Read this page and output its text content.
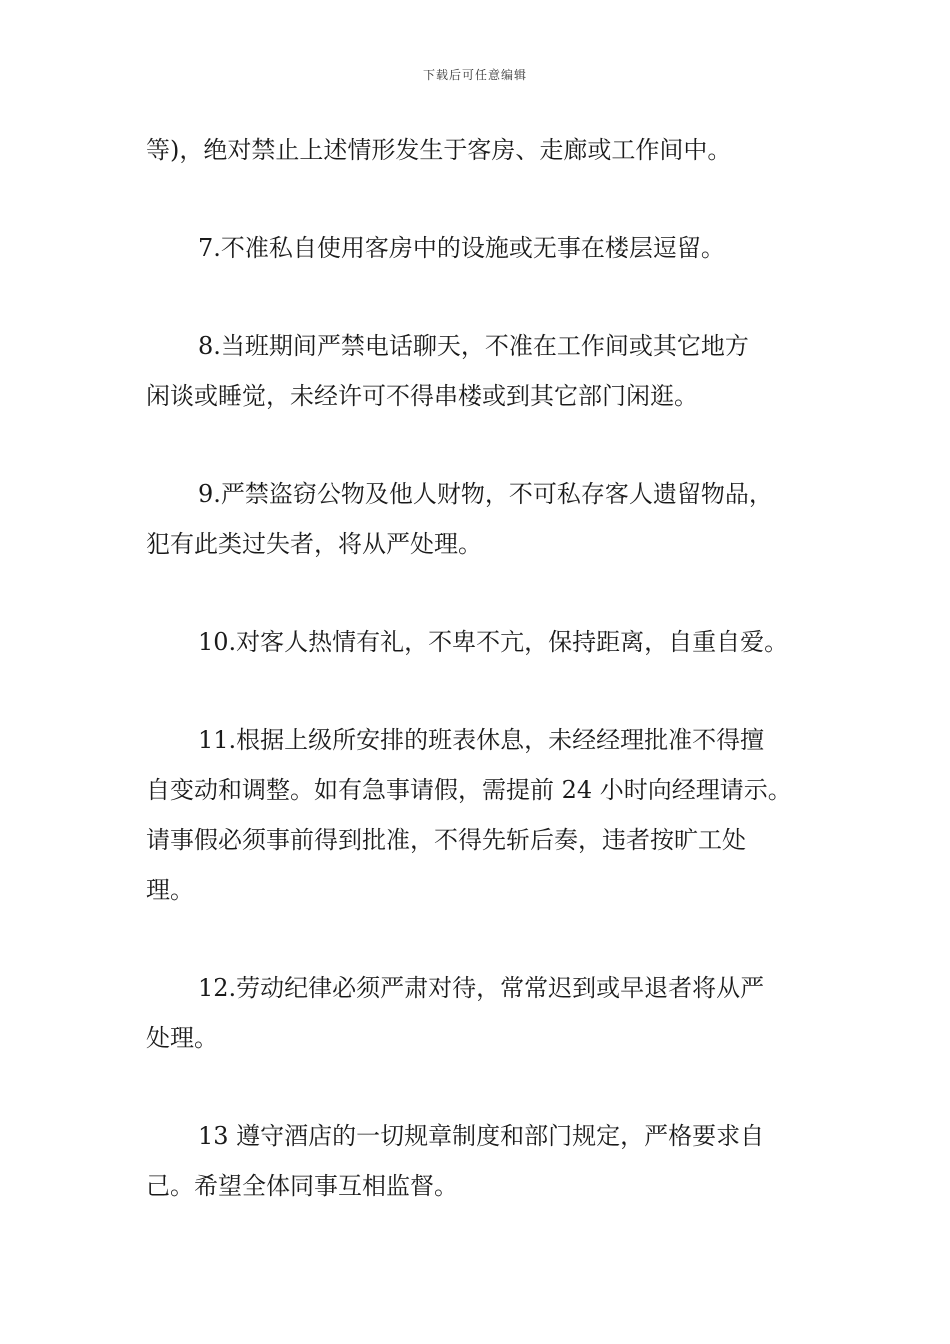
下载后可任意编辑

等)，绝对禁止上述情形发生于客房、走廊或工作间中。

7.不准私自使用客房中的设施或无事在楼层逗留。

8.当班期间严禁电话聊天，不准在工作间或其它地方
闲谈或睡觉，未经许可不得串楼或到其它部门闲逛。

9.严禁盗窃公物及他人财物，不可私存客人遗留物品，
犯有此类过失者，将从严处理。

10.对客人热情有礼，不卑不亢，保持距离，自重自爱。

11.根据上级所安排的班表休息，未经经理批准不得擅
自变动和调整。如有急事请假，需提前 24 小时向经理请示。
请事假必须事前得到批准，不得先斩后奏，违者按旷工处
理。

12.劳动纪律必须严肃对待，常常迟到或早退者将从严
处理。

13 遵守酒店的一切规章制度和部门规定，严格要求自
己。希望全体同事互相监督。
